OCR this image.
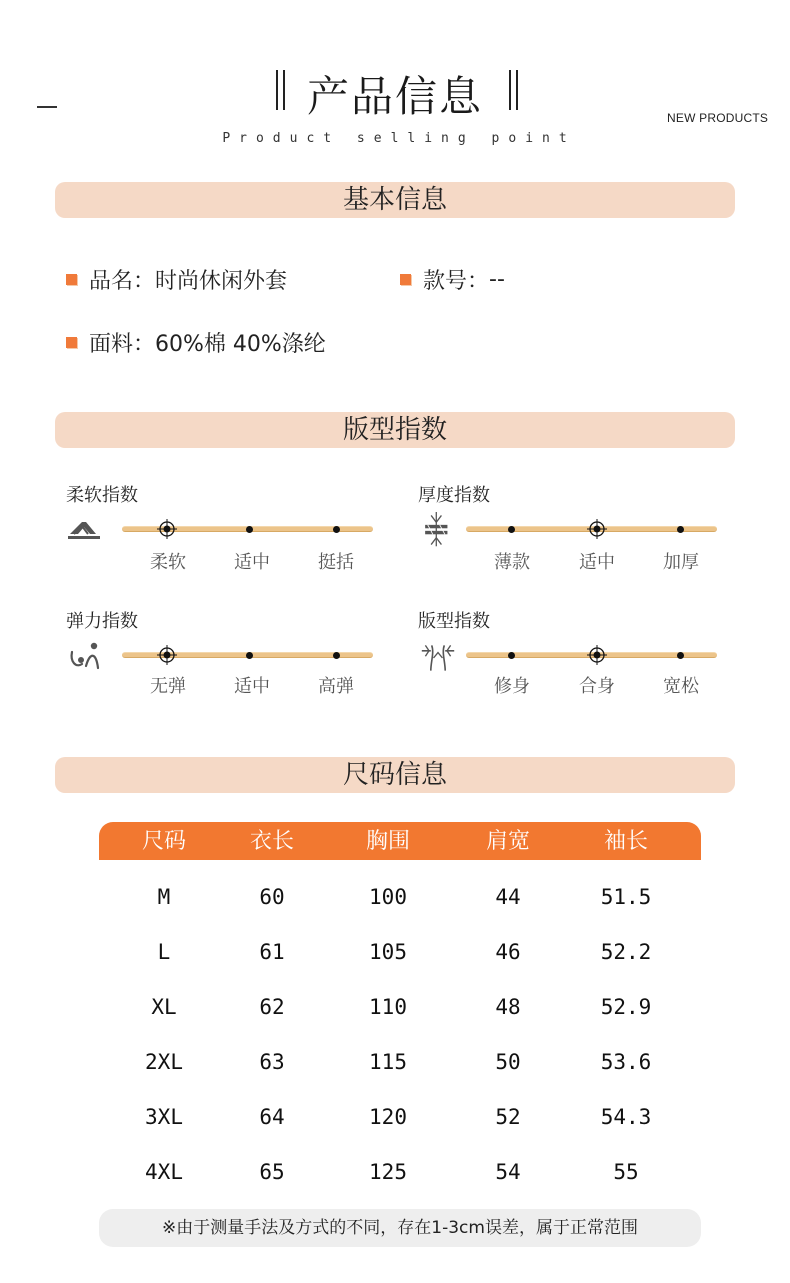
产品信息
Product selling point
NEW PRODUCTS
基本信息
品名： 时尚休闲外套	款号： --
面料： 60%棉 40%涤纶
版型指数
柔软指数
柔软	适中	挺括
厚度指数
薄款	适中	加厚
弹力指数
无弹	适中	高弹
版型指数
修身	合身	宽松
尺码信息
尺码	衣长	胸围	肩宽	袖长
M	60	100	44	51.5
L	61	105	46	52.2
XL	62	110	48	52.9
2XL	63	115	50	53.6
3XL	64	120	52	54.3
4XL	65	125	54	55
※由于测量手法及方式的不同，存在1-3cm误差，属于正常范围
